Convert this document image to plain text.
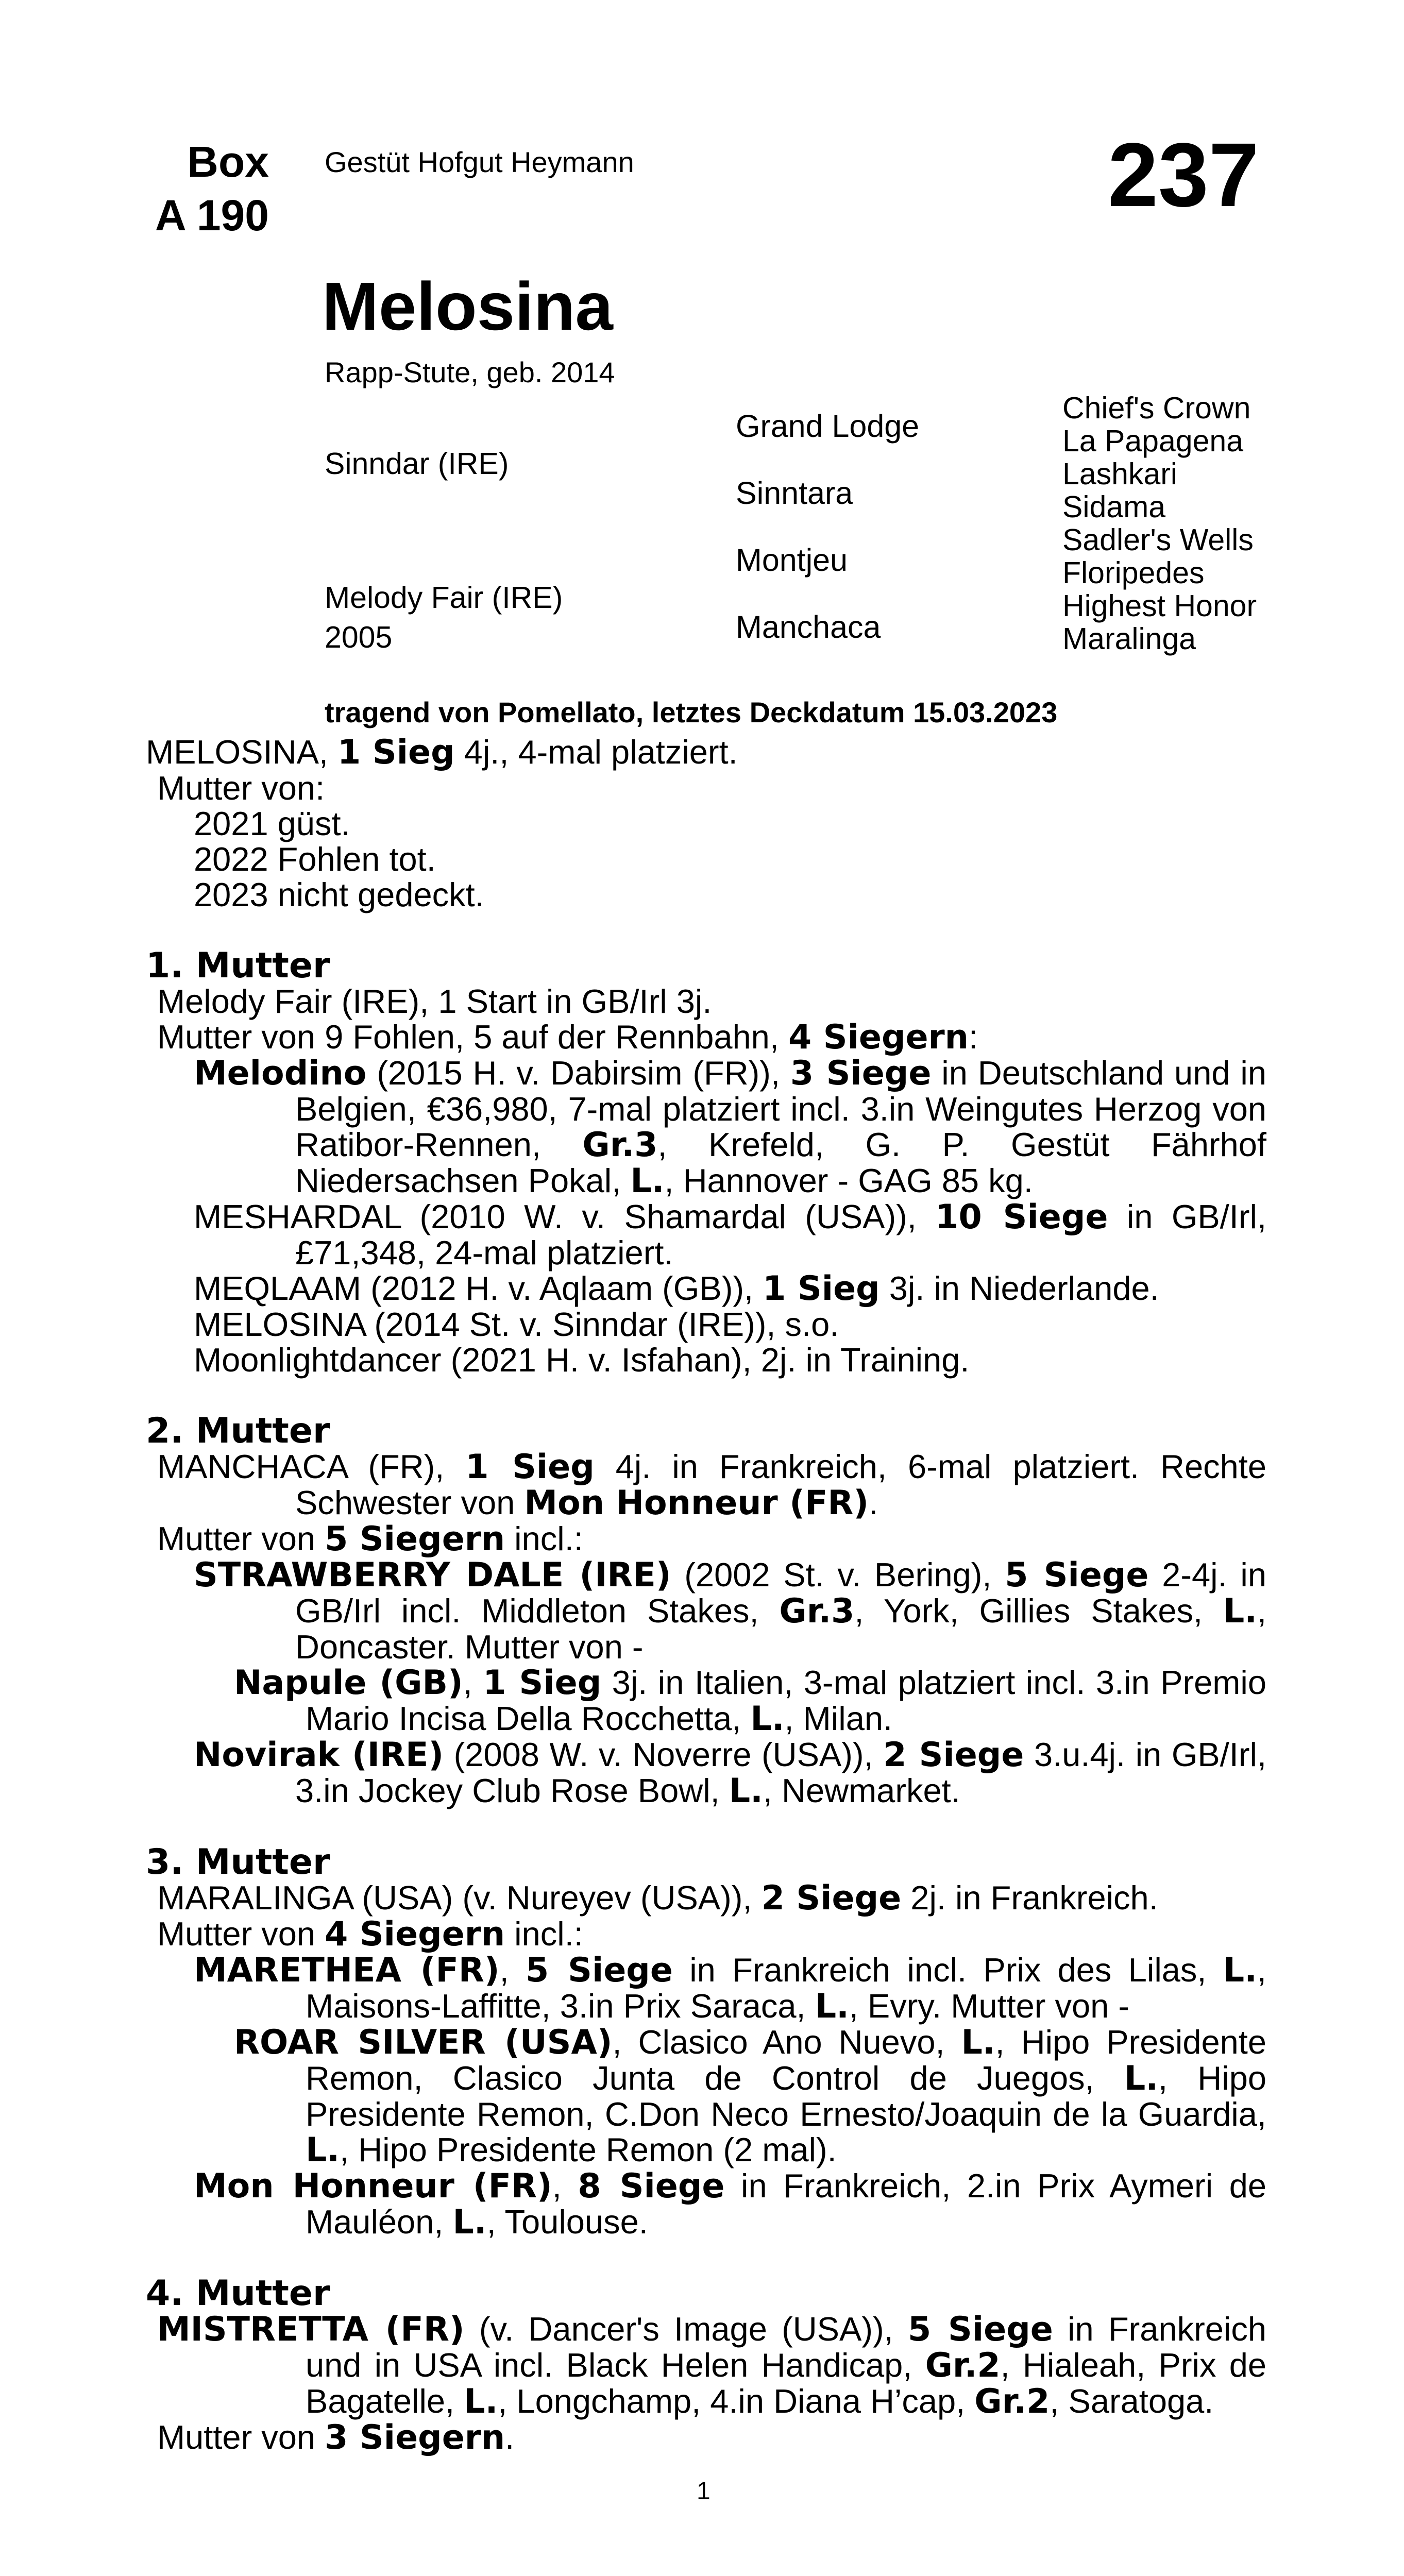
Box
A 190
Gestüt Hofgut Heymann	237
Melosina
Rapp-Stute, geb. 2014
Sinndar (IRE)
Melody Fair (IRE)
2005
Grand Lodge
Sinntara
Montjeu
Manchaca
Chief's Crown
La Papagena
Lashkari
Sidama
Sadler's Wells
Floripedes
Highest Honor
Maralinga
tragend von Pomellato, letztes Deckdatum 15.03.2023

MELOSINA, 1 Sieg 4j., 4-mal platziert.

Mutter von:

2021 güst.

2022 Fohlen tot.

2023 nicht gedeckt.

1. Mutter

Melody Fair (IRE), 1 Start in GB/Irl 3j.

Mutter von 9 Fohlen, 5 auf der Rennbahn, 4 Siegern:

Melodino (2015 H. v. Dabirsim (FR)), 3 Siege in Deutschland und in Belgien, €36,980, 7-mal platziert incl. 3.in Weingutes Herzog von Ratibor-Rennen, Gr.3, Krefeld, G. P. Gestüt Fährhof Niedersachsen Pokal, L., Hannover - GAG 85 kg.

MESHARDAL (2010 W. v. Shamardal (USA)), 10 Siege in GB/Irl, £71,348, 24-mal platziert.

MEQLAAM (2012 H. v. Aqlaam (GB)), 1 Sieg 3j. in Niederlande.

MELOSINA (2014 St. v. Sinndar (IRE)), s.o.

Moonlightdancer (2021 H. v. Isfahan), 2j. in Training.

2. Mutter

MANCHACA (FR), 1 Sieg 4j. in Frankreich, 6-mal platziert. Rechte Schwester von Mon Honneur (FR).

Mutter von 5 Siegern incl.:

STRAWBERRY DALE (IRE) (2002 St. v. Bering), 5 Siege 2-4j. in GB/Irl incl. Middleton Stakes, Gr.3, York, Gillies Stakes, L., Doncaster. Mutter von -

Napule (GB), 1 Sieg 3j. in Italien, 3-mal platziert incl. 3.in Premio Mario Incisa Della Rocchetta, L., Milan.

Novirak (IRE) (2008 W. v. Noverre (USA)), 2 Siege 3.u.4j. in GB/Irl, 3.in Jockey Club Rose Bowl, L., Newmarket.

3. Mutter

MARALINGA (USA) (v. Nureyev (USA)), 2 Siege 2j. in Frankreich.

Mutter von 4 Siegern incl.:

MARETHEA (FR), 5 Siege in Frankreich incl. Prix des Lilas, L., Maisons-Laffitte, 3.in Prix Saraca, L., Evry. Mutter von -

ROAR SILVER (USA), Clasico Ano Nuevo, L., Hipo Presidente Remon, Clasico Junta de Control de Juegos, L., Hipo Presidente Remon, C.Don Neco Ernesto/Joaquin de la Guardia, L., Hipo Presidente Remon (2 mal).

Mon Honneur (FR), 8 Siege in Frankreich, 2.in Prix Aymeri de Mauléon, L., Toulouse.

4. Mutter

MISTRETTA (FR) (v. Dancer's Image (USA)), 5 Siege in Frankreich und in USA incl. Black Helen Handicap, Gr.2, Hialeah, Prix de Bagatelle, L., Longchamp, 4.in Diana H’cap, Gr.2, Saratoga.

Mutter von 3 Siegern.

1
